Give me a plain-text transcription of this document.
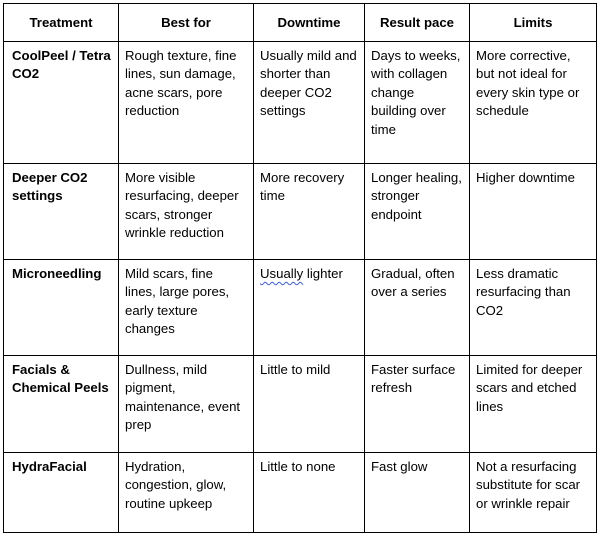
Treatment	Best for	Downtime	Result pace	Limits
CoolPeel / Tetra CO2	Rough texture, fine lines, sun damage, acne scars, pore reduction	Usually mild and shorter than deeper CO2 settings	Days to weeks, with collagen change building over time	More corrective, but not ideal for every skin type or schedule
Deeper CO2 settings	More visible resurfacing, deeper scars, stronger wrinkle reduction	More recovery time	Longer healing, stronger endpoint	Higher downtime
Microneedling	Mild scars, fine lines, large pores, early texture changes	Usually lighter	Gradual, often over a series	Less dramatic resurfacing than CO2
Facials & Chemical Peels	Dullness, mild pigment, maintenance, event prep	Little to mild	Faster surface refresh	Limited for deeper scars and etched lines
HydraFacial	Hydration, congestion, glow, routine upkeep	Little to none	Fast glow	Not a resurfacing substitute for scar or wrinkle repair
